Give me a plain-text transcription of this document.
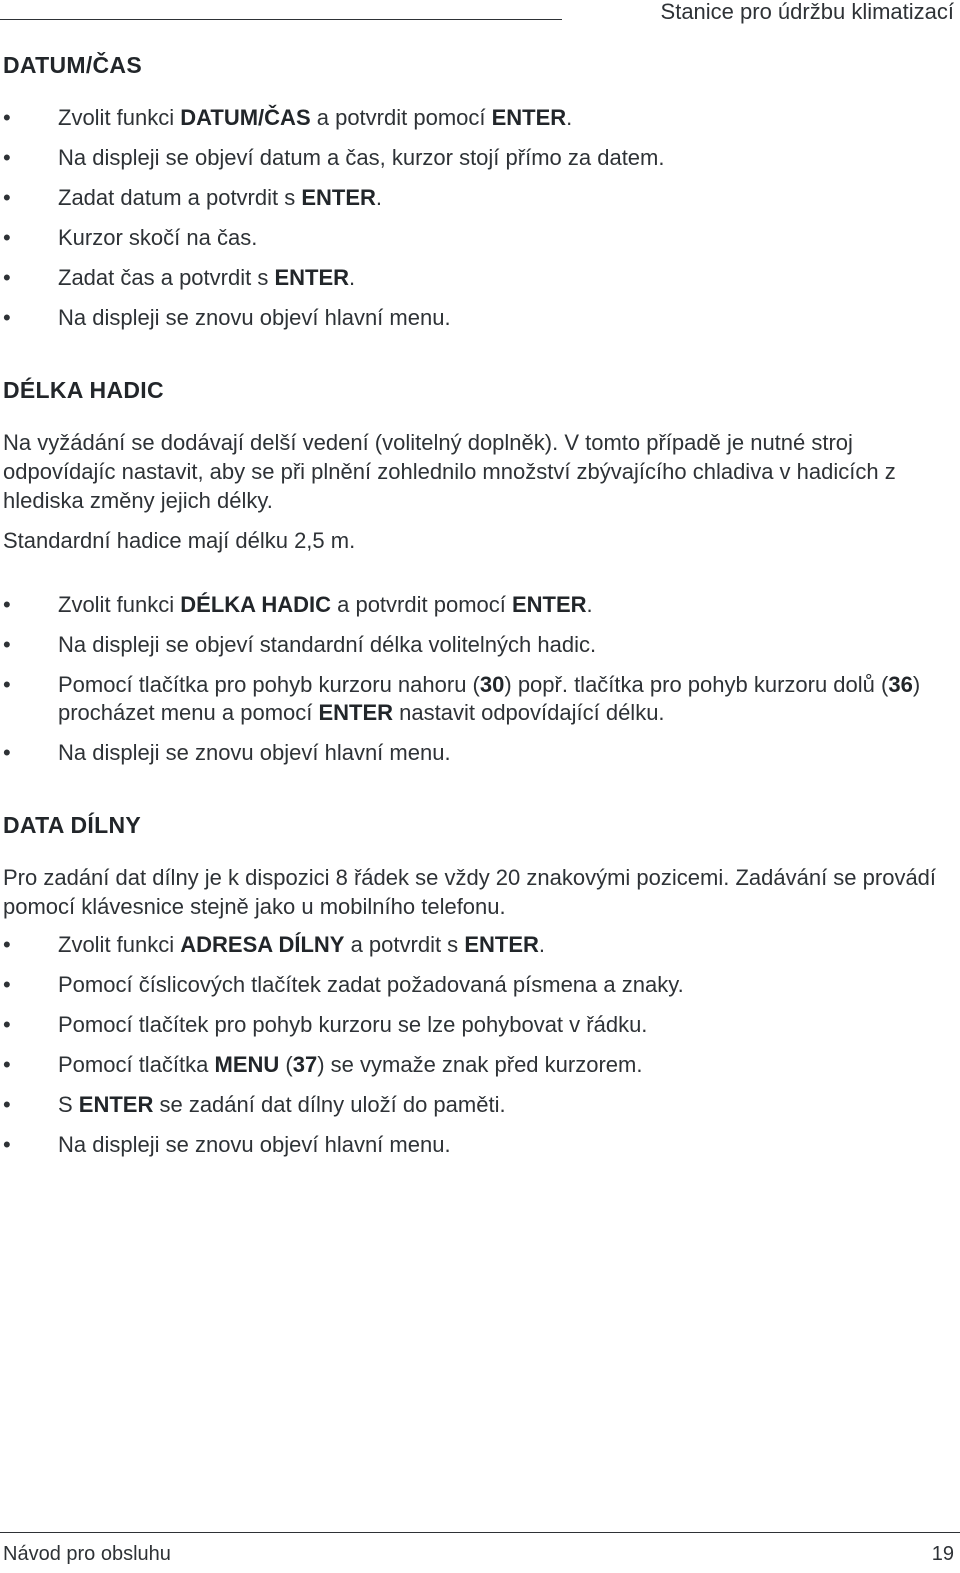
Stanice pro údržbu klimatizací
DATUM/ČAS
• Zvolit funkci DATUM/ČAS a potvrdit pomocí ENTER.
• Na displeji se objeví datum a čas, kurzor stojí přímo za datem.
• Zadat datum a potvrdit s ENTER.
• Kurzor skočí na čas.
• Zadat čas a potvrdit s ENTER.
• Na displeji se znovu objeví hlavní menu.
DÉLKA HADIC

Na vyžádání se dodávají delší vedení (volitelný doplněk). V tomto případě je nutné stroj odpovídajíc nastavit, aby se při plnění zohlednilo množství zbývajícího chladiva v hadicích z hlediska změny jejich délky.

Standardní hadice mají délku 2,5 m.

• Zvolit funkci DÉLKA HADIC a potvrdit pomocí ENTER.
• Na displeji se objeví standardní délka volitelných hadic.
• Pomocí tlačítka pro pohyb kurzoru nahoru (30) popř. tlačítka pro pohyb kurzoru dolů (36) procházet menu a pomocí ENTER nastavit odpovídající délku.
• Na displeji se znovu objeví hlavní menu.
DATA DÍLNY

Pro zadání dat dílny je k dispozici 8 řádek se vždy 20 znakovými pozicemi. Zadávání se provádí pomocí klávesnice stejně jako u mobilního telefonu.

• Zvolit funkci ADRESA DÍLNY a potvrdit s ENTER.
• Pomocí číslicových tlačítek zadat požadovaná písmena a znaky.
• Pomocí tlačítek pro pohyb kurzoru se lze pohybovat v řádku.
• Pomocí tlačítka MENU (37) se vymaže znak před kurzorem.
• S ENTER se zadání dat dílny uloží do paměti.
• Na displeji se znovu objeví hlavní menu.
Návod pro obsluhu	19
